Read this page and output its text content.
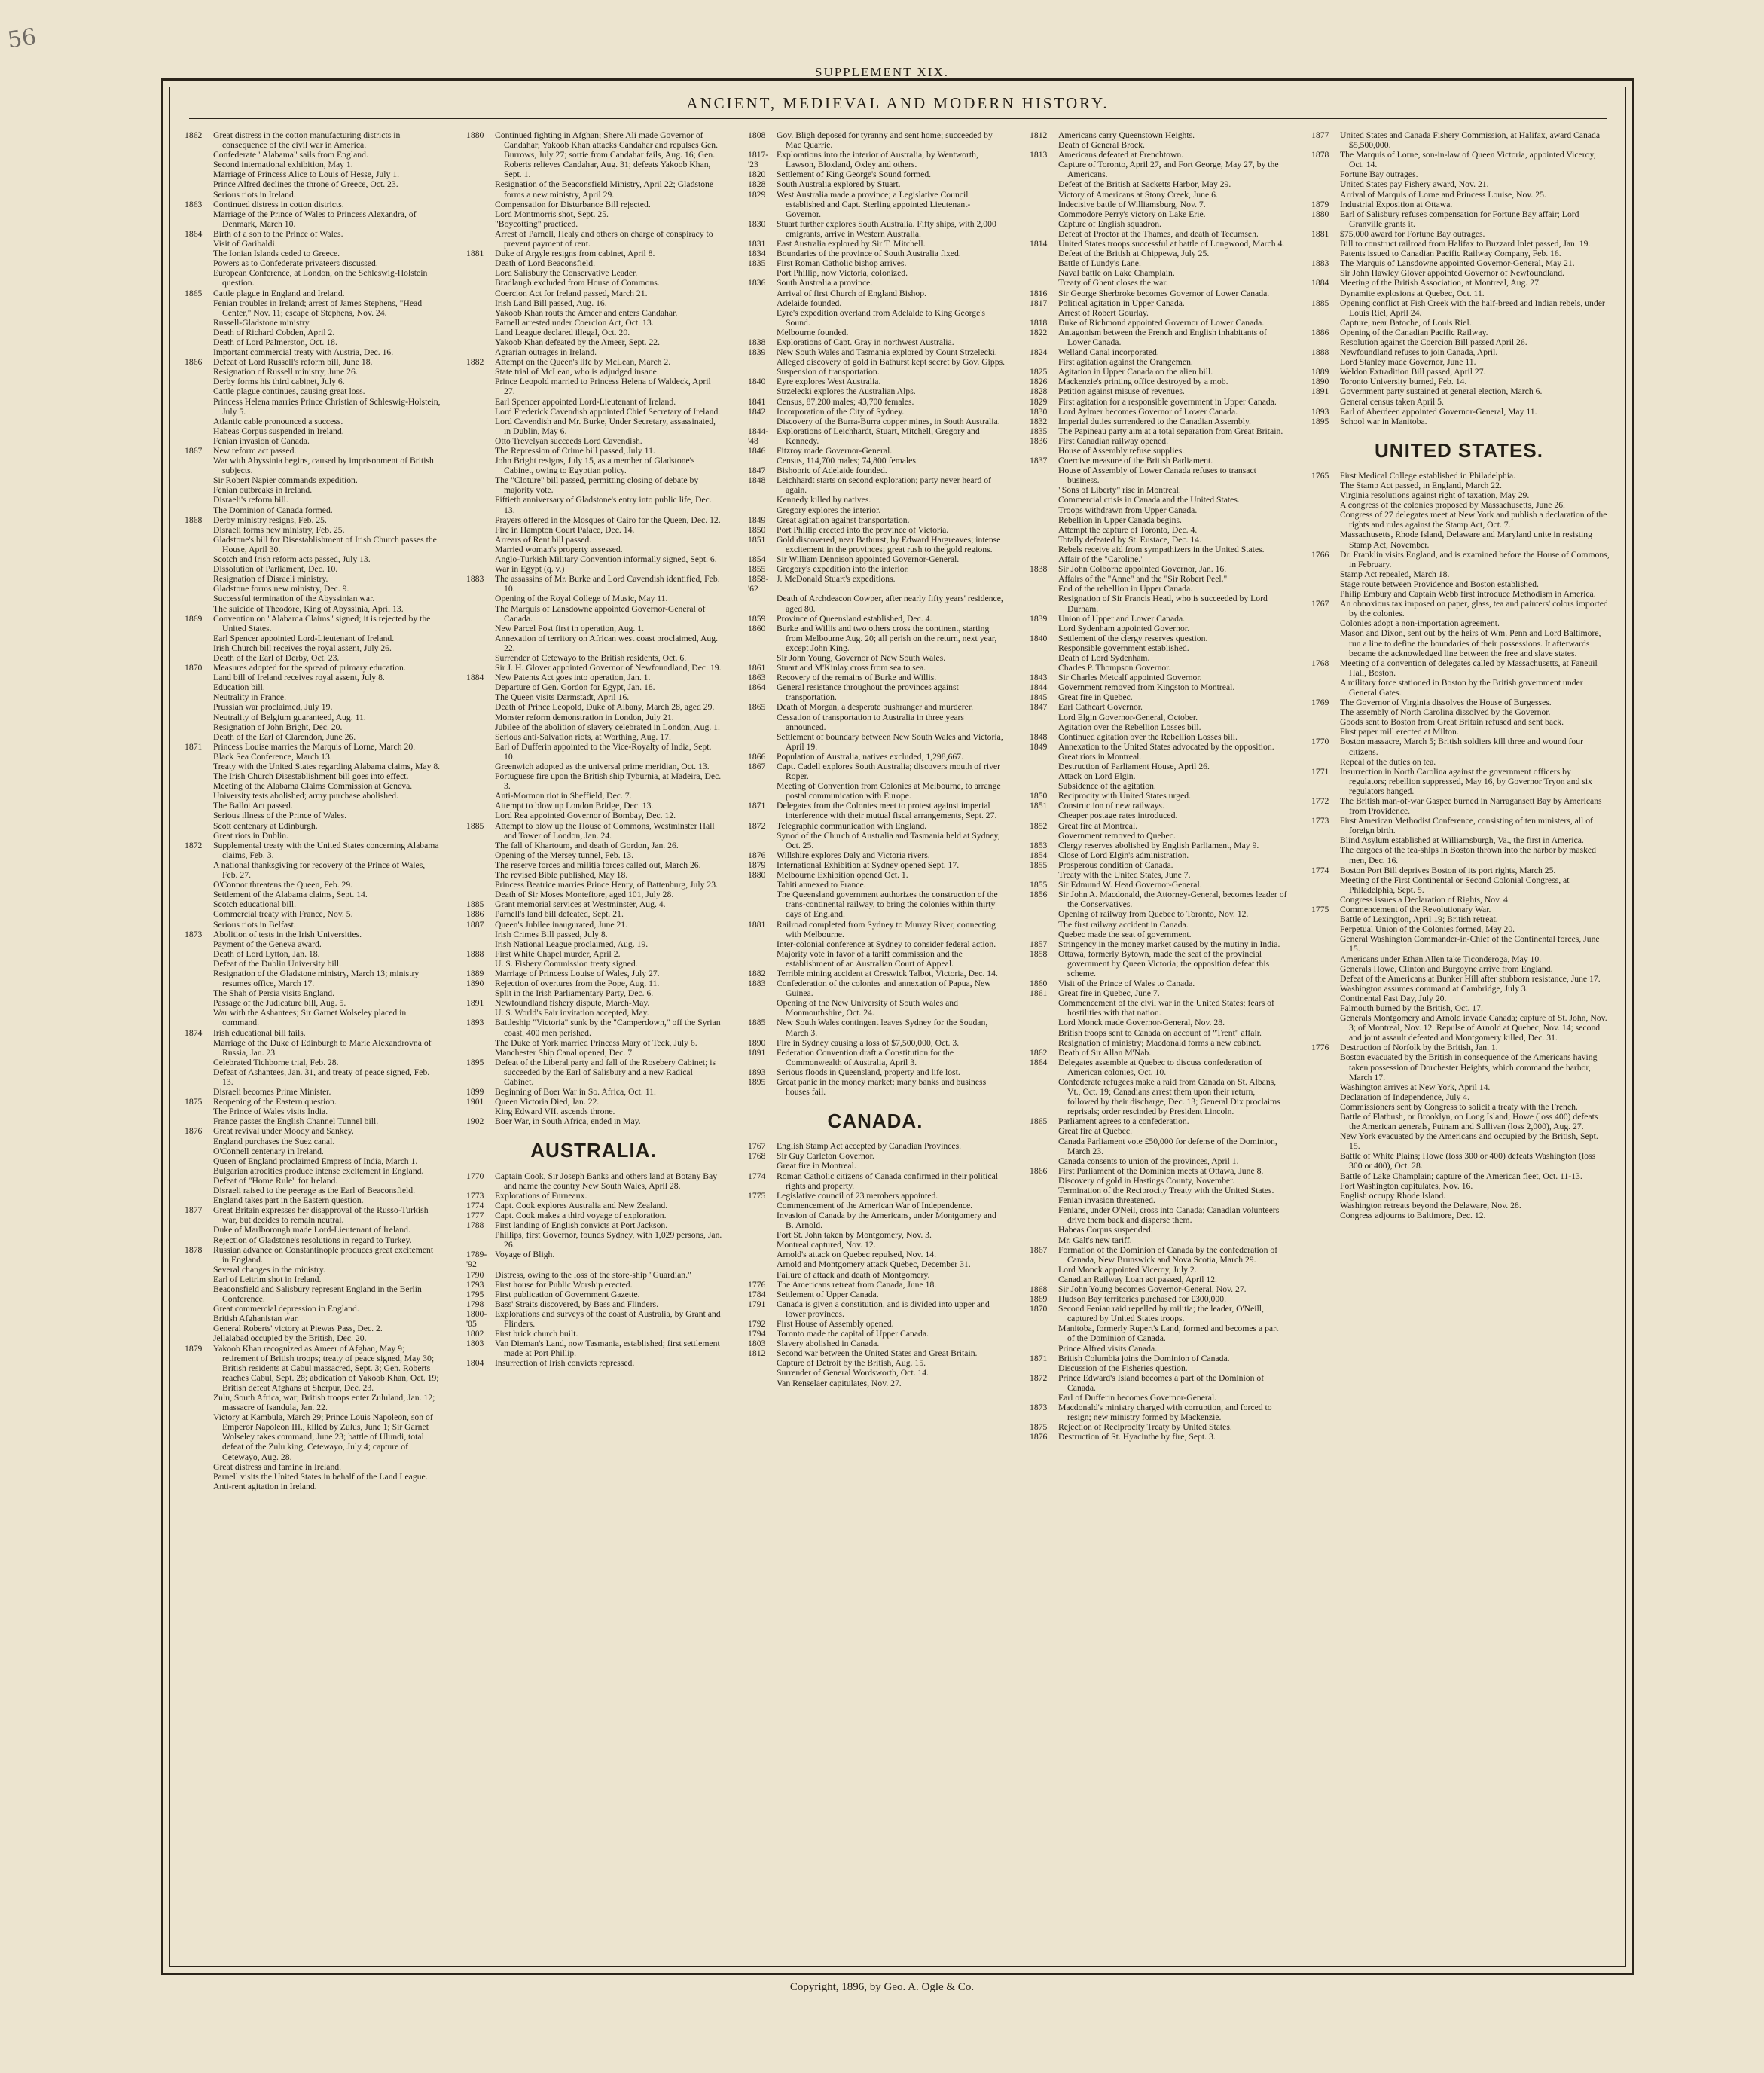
56
SUPPLEMENT XIX.
ANCIENT, MEDIEVAL AND MODERN HISTORY.
1862	Great distress in the cotton manufacturing districts in consequence of the civil war in America.
Confederate "Alabama" sails from England.
Second international exhibition, May 1.
Marriage of Princess Alice to Louis of Hesse, July 1.
Prince Alfred declines the throne of Greece, Oct. 23.
Serious riots in Ireland.
1863	Continued distress in cotton districts.
Marriage of the Prince of Wales to Princess Alexandra, of Denmark, March 10.
1864	Birth of a son to the Prince of Wales.
Visit of Garibaldi.
The Ionian Islands ceded to Greece.
Powers as to Confederate privateers discussed.
European Conference, at London, on the Schleswig-Holstein question.
1865	Cattle plague in England and Ireland.
Fenian troubles in Ireland; arrest of James Stephens, "Head Center," Nov. 11; escape of Stephens, Nov. 24.
Russell-Gladstone ministry.
Death of Richard Cobden, April 2.
Death of Lord Palmerston, Oct. 18.
Important commercial treaty with Austria, Dec. 16.
1866	Defeat of Lord Russell's reform bill, June 18.
Resignation of Russell ministry, June 26.
Derby forms his third cabinet, July 6.
Cattle plague continues, causing great loss.
Princess Helena marries Prince Christian of Schleswig-Holstein, July 5.
Atlantic cable pronounced a success.
Habeas Corpus suspended in Ireland.
Fenian invasion of Canada.
1867	New reform act passed.
War with Abyssinia begins, caused by imprisonment of British subjects.
Sir Robert Napier commands expedition.
Fenian outbreaks in Ireland.
Disraeli's reform bill.
The Dominion of Canada formed.
1868	Derby ministry resigns, Feb. 25.
Disraeli forms new ministry, Feb. 25.
Gladstone's bill for Disestablishment of Irish Church passes the House, April 30.
Scotch and Irish reform acts passed, July 13.
Dissolution of Parliament, Dec. 10.
Resignation of Disraeli ministry.
Gladstone forms new ministry, Dec. 9.
Successful termination of the Abyssinian war.
The suicide of Theodore, King of Abyssinia, April 13.
1869	Convention on "Alabama Claims" signed; it is rejected by the United States.
Earl Spencer appointed Lord-Lieutenant of Ireland.
Irish Church bill receives the royal assent, July 26.
Death of the Earl of Derby, Oct. 23.
1870	Measures adopted for the spread of primary education.
Land bill of Ireland receives royal assent, July 8.
Education bill.
Neutrality in France.
Prussian war proclaimed, July 19.
Neutrality of Belgium guaranteed, Aug. 11.
Resignation of John Bright, Dec. 20.
Death of the Earl of Clarendon, June 26.
1871	Princess Louise marries the Marquis of Lorne, March 20.
Black Sea Conference, March 13.
Treaty with the United States regarding Alabama claims, May 8.
The Irish Church Disestablishment bill goes into effect.
Meeting of the Alabama Claims Commission at Geneva.
University tests abolished; army purchase abolished.
The Ballot Act passed.
Serious illness of the Prince of Wales.
Scott centenary at Edinburgh.
Great riots in Dublin.
1872	Supplemental treaty with the United States concerning Alabama claims, Feb. 3.
A national thanksgiving for recovery of the Prince of Wales, Feb. 27.
O'Connor threatens the Queen, Feb. 29.
Settlement of the Alabama claims, Sept. 14.
Scotch educational bill.
Commercial treaty with France, Nov. 5.
Serious riots in Belfast.
1873	Abolition of tests in the Irish Universities.
Payment of the Geneva award.
Death of Lord Lytton, Jan. 18.
Defeat of the Dublin University bill.
Resignation of the Gladstone ministry, March 13; ministry resumes office, March 17.
The Shah of Persia visits England.
Passage of the Judicature bill, Aug. 5.
War with the Ashantees; Sir Garnet Wolseley placed in command.
1874	Irish educational bill fails.
Marriage of the Duke of Edinburgh to Marie Alexandrovna of Russia, Jan. 23.
Celebrated Tichborne trial, Feb. 28.
Defeat of Ashantees, Jan. 31, and treaty of peace signed, Feb. 13.
Disraeli becomes Prime Minister.
1875	Reopening of the Eastern question.
The Prince of Wales visits India.
France passes the English Channel Tunnel bill.
1876	Great revival under Moody and Sankey.
England purchases the Suez canal.
O'Connell centenary in Ireland.
Queen of England proclaimed Empress of India, March 1.
Bulgarian atrocities produce intense excitement in England.
Defeat of "Home Rule" for Ireland.
Disraeli raised to the peerage as the Earl of Beaconsfield.
England takes part in the Eastern question.
1877	Great Britain expresses her disapproval of the Russo-Turkish war, but decides to remain neutral.
Duke of Marlborough made Lord-Lieutenant of Ireland.
Rejection of Gladstone's resolutions in regard to Turkey.
1878	Russian advance on Constantinople produces great excitement in England.
Several changes in the ministry.
Earl of Leitrim shot in Ireland.
Beaconsfield and Salisbury represent England in the Berlin Conference.
Great commercial depression in England.
British Afghanistan war.
General Roberts' victory at Piewas Pass, Dec. 2.
Jellalabad occupied by the British, Dec. 20.
1879	Yakoob Khan recognized as Ameer of Afghan, May 9; retirement of British troops; treaty of peace signed, May 30; British residents at Cabul massacred, Sept. 3; Gen. Roberts reaches Cabul, Sept. 28; abdication of Yakoob Khan, Oct. 19; British defeat Afghans at Sherpur, Dec. 23.
Zulu, South Africa, war; British troops enter Zululand, Jan. 12; massacre of Isandula, Jan. 22.
Victory at Kambula, March 29; Prince Louis Napoleon, son of Emperor Napoleon III., killed by Zulus, June 1; Sir Garnet Wolseley takes command, June 23; battle of Ulundi, total defeat of the Zulu king, Cetewayo, July 4; capture of Cetewayo, Aug. 28.
Great distress and famine in Ireland.
Parnell visits the United States in behalf of the Land League.
Anti-rent agitation in Ireland.
1880	Continued fighting in Afghan; Shere Ali made Governor of Candahar; Yakoob Khan attacks Candahar and repulses Gen. Burrows, July 27; sortie from Candahar fails, Aug. 16; Gen. Roberts relieves Candahar, Aug. 31; defeats Yakoob Khan, Sept. 1.
Resignation of the Beaconsfield Ministry, April 22; Gladstone forms a new ministry, April 29.
Compensation for Disturbance Bill rejected.
Lord Montmorris shot, Sept. 25.
"Boycotting" practiced.
Arrest of Parnell, Healy and others on charge of conspiracy to prevent payment of rent.
1881	Duke of Argyle resigns from cabinet, April 8.
Death of Lord Beaconsfield.
Lord Salisbury the Conservative Leader.
Bradlaugh excluded from House of Commons.
Coercion Act for Ireland passed, March 21.
Irish Land Bill passed, Aug. 16.
Yakoob Khan routs the Ameer and enters Candahar.
Parnell arrested under Coercion Act, Oct. 13.
Land League declared illegal, Oct. 20.
Yakoob Khan defeated by the Ameer, Sept. 22.
Agrarian outrages in Ireland.
1882	Attempt on the Queen's life by McLean, March 2.
State trial of McLean, who is adjudged insane.
Prince Leopold married to Princess Helena of Waldeck, April 27.
Earl Spencer appointed Lord-Lieutenant of Ireland.
Lord Frederick Cavendish appointed Chief Secretary of Ireland.
Lord Cavendish and Mr. Burke, Under Secretary, assassinated, in Dublin, May 6.
Otto Trevelyan succeeds Lord Cavendish.
The Repression of Crime bill passed, July 11.
John Bright resigns, July 15, as a member of Gladstone's Cabinet, owing to Egyptian policy.
The "Cloture" bill passed, permitting closing of debate by majority vote.
Fiftieth anniversary of Gladstone's entry into public life, Dec. 13.
Prayers offered in the Mosques of Cairo for the Queen, Dec. 12.
Fire in Hampton Court Palace, Dec. 14.
Arrears of Rent bill passed.
Married woman's property assessed.
Anglo-Turkish Military Convention informally signed, Sept. 6.
War in Egypt (q. v.)
1883	The assassins of Mr. Burke and Lord Cavendish identified, Feb. 10.
Opening of the Royal College of Music, May 11.
The Marquis of Lansdowne appointed Governor-General of Canada.
New Parcel Post first in operation, Aug. 1.
Annexation of territory on African west coast proclaimed, Aug. 22.
Surrender of Cetewayo to the British residents, Oct. 6.
Sir J. H. Glover appointed Governor of Newfoundland, Dec. 19.
1884	New Patents Act goes into operation, Jan. 1.
Departure of Gen. Gordon for Egypt, Jan. 18.
The Queen visits Darmstadt, April 16.
Death of Prince Leopold, Duke of Albany, March 28, aged 29.
Monster reform demonstration in London, July 21.
Jubilee of the abolition of slavery celebrated in London, Aug. 1.
Serious anti-Salvation riots, at Worthing, Aug. 17.
Earl of Dufferin appointed to the Vice-Royalty of India, Sept. 10.
Greenwich adopted as the universal prime meridian, Oct. 13.
Portuguese fire upon the British ship Tyburnia, at Madeira, Dec. 3.
Anti-Mormon riot in Sheffield, Dec. 7.
Attempt to blow up London Bridge, Dec. 13.
Lord Rea appointed Governor of Bombay, Dec. 12.
1885	Attempt to blow up the House of Commons, Westminster Hall and Tower of London, Jan. 24.
The fall of Khartoum, and death of Gordon, Jan. 26.
Opening of the Mersey tunnel, Feb. 13.
The reserve forces and militia forces called out, March 26.
The revised Bible published, May 18.
Princess Beatrice marries Prince Henry, of Battenburg, July 23.
Death of Sir Moses Montefiore, aged 101, July 28.
1885	Grant memorial services at Westminster, Aug. 4.
1886	Parnell's land bill defeated, Sept. 21.
1887	Queen's Jubilee inaugurated, June 21.
Irish Crimes Bill passed, July 8.
Irish National League proclaimed, Aug. 19.
1888	First White Chapel murder, April 2.
U. S. Fishery Commission treaty signed.
1889	Marriage of Princess Louise of Wales, July 27.
1890	Rejection of overtures from the Pope, Aug. 11.
Split in the Irish Parliamentary Party, Dec. 6.
1891	Newfoundland fishery dispute, March-May.
U. S. World's Fair invitation accepted, May.
1893	Battleship "Victoria" sunk by the "Camperdown," off the Syrian coast, 400 men perished.
The Duke of York married Princess Mary of Teck, July 6.
Manchester Ship Canal opened, Dec. 7.
1895	Defeat of the Liberal party and fall of the Rosebery Cabinet; is succeeded by the Earl of Salisbury and a new Radical Cabinet.
1899	Beginning of Boer War in So. Africa, Oct. 11.
1901	Queen Victoria Died, Jan. 22.
King Edward VII. ascends throne.
1902	Boer War, in South Africa, ended in May.
AUSTRALIA.
1770	Captain Cook, Sir Joseph Banks and others land at Botany Bay and name the country New South Wales, April 28.
1773	Explorations of Furneaux.
1774	Capt. Cook explores Australia and New Zealand.
1777	Capt. Cook makes a third voyage of exploration.
1788	First landing of English convicts at Port Jackson.
Phillips, first Governor, founds Sydney, with 1,029 persons, Jan. 26.
1789-'92
Voyage of Bligh.
1790	Distress, owing to the loss of the store-ship "Guardian."
1793	First house for Public Worship erected.
1795	First publication of Government Gazette.
1798	Bass' Straits discovered, by Bass and Flinders.
1800-'05
Explorations and surveys of the coast of Australia, by Grant and Flinders.
1802	First brick church built.
1803	Van Dieman's Land, now Tasmania, established; first settlement made at Port Phillip.
1804	Insurrection of Irish convicts repressed.
1808	Gov. Bligh deposed for tyranny and sent home; succeeded by Mac Quarrie.
1817-'23
Explorations into the interior of Australia, by Wentworth, Lawson, Bloxland, Oxley and others.
1820	Settlement of King George's Sound formed.
1828	South Australia explored by Stuart.
1829	West Australia made a province; a Legislative Council established and Capt. Sterling appointed Lieutenant-Governor.
1830	Stuart further explores South Australia. Fifty ships, with 2,000 emigrants, arrive in Western Australia.
1831	East Australia explored by Sir T. Mitchell.
1834	Boundaries of the province of South Australia fixed.
1835	First Roman Catholic bishop arrives.
Port Phillip, now Victoria, colonized.
1836	South Australia a province.
Arrival of first Church of England Bishop.
Adelaide founded.
Eyre's expedition overland from Adelaide to King George's Sound.
Melbourne founded.
1838	Explorations of Capt. Gray in northwest Australia.
1839	New South Wales and Tasmania explored by Count Strzelecki.
Alleged discovery of gold in Bathurst kept secret by Gov. Gipps.
Suspension of transportation.
1840	Eyre explores West Australia.
Strzelecki explores the Australian Alps.
1841	Census, 87,200 males; 43,700 females.
1842	Incorporation of the City of Sydney.
Discovery of the Burra-Burra copper mines, in South Australia.
1844-'48
Explorations of Leichhardt, Stuart, Mitchell, Gregory and Kennedy.
1846	Fitzroy made Governor-General.
Census, 114,700 males; 74,800 females.
1847	Bishopric of Adelaide founded.
1848	Leichhardt starts on second exploration; party never heard of again.
Kennedy killed by natives.
Gregory explores the interior.
1849	Great agitation against transportation.
1850	Port Phillip erected into the province of Victoria.
1851	Gold discovered, near Bathurst, by Edward Hargreaves; intense excitement in the provinces; great rush to the gold regions.
1854	Sir William Dennison appointed Governor-General.
1855	Gregory's expedition into the interior.
1858-'62
J. McDonald Stuart's expeditions.
Death of Archdeacon Cowper, after nearly fifty years' residence, aged 80.
1859	Province of Queensland established, Dec. 4.
1860	Burke and Willis and two others cross the continent, starting from Melbourne Aug. 20; all perish on the return, next year, except John King.
Sir John Young, Governor of New South Wales.
1861	Stuart and M'Kinlay cross from sea to sea.
1863	Recovery of the remains of Burke and Willis.
1864	General resistance throughout the provinces against transportation.
1865	Death of Morgan, a desperate bushranger and murderer.
Cessation of transportation to Australia in three years announced.
Settlement of boundary between New South Wales and Victoria, April 19.
1866	Population of Australia, natives excluded, 1,298,667.
1867	Capt. Cadell explores South Australia; discovers mouth of river Roper.
Meeting of Convention from Colonies at Melbourne, to arrange postal communication with Europe.
1871	Delegates from the Colonies meet to protest against imperial interference with their mutual fiscal arrangements, Sept. 27.
1872	Telegraphic communication with England.
Synod of the Church of Australia and Tasmania held at Sydney, Oct. 25.
1876	Willshire explores Daly and Victoria rivers.
1879	International Exhibition at Sydney opened Sept. 17.
1880	Melbourne Exhibition opened Oct. 1.
Tahiti annexed to France.
The Queensland government authorizes the construction of the trans-continental railway, to bring the colonies within thirty days of England.
1881	Railroad completed from Sydney to Murray River, connecting with Melbourne.
Inter-colonial conference at Sydney to consider federal action.
Majority vote in favor of a tariff commission and the establishment of an Australian Court of Appeal.
1882	Terrible mining accident at Creswick Talbot, Victoria, Dec. 14.
1883	Confederation of the colonies and annexation of Papua, New Guinea.
Opening of the New University of South Wales and Monmouthshire, Oct. 24.
1885	New South Wales contingent leaves Sydney for the Soudan, March 3.
1890	Fire in Sydney causing a loss of $7,500,000, Oct. 3.
1891	Federation Convention draft a Constitution for the Commonwealth of Australia, April 3.
1893	Serious floods in Queensland, property and life lost.
1895	Great panic in the money market; many banks and business houses fail.
CANADA.
1767	English Stamp Act accepted by Canadian Provinces.
1768	Sir Guy Carleton Governor.
Great fire in Montreal.
1774	Roman Catholic citizens of Canada confirmed in their political rights and property.
1775	Legislative council of 23 members appointed.
Commencement of the American War of Independence.
Invasion of Canada by the Americans, under Montgomery and B. Arnold.
Fort St. John taken by Montgomery, Nov. 3.
Montreal captured, Nov. 12.
Arnold's attack on Quebec repulsed, Nov. 14.
Arnold and Montgomery attack Quebec, December 31.
Failure of attack and death of Montgomery.
1776	The Americans retreat from Canada, June 18.
1784	Settlement of Upper Canada.
1791	Canada is given a constitution, and is divided into upper and lower provinces.
1792	First House of Assembly opened.
1794	Toronto made the capital of Upper Canada.
1803	Slavery abolished in Canada.
1812	Second war between the United States and Great Britain.
Capture of Detroit by the British, Aug. 15.
Surrender of General Wordsworth, Oct. 14.
Van Renselaer capitulates, Nov. 27.
1812	Americans carry Queenstown Heights.
Death of General Brock.
1813	Americans defeated at Frenchtown.
Capture of Toronto, April 27, and Fort George, May 27, by the Americans.
Defeat of the British at Sacketts Harbor, May 29.
Victory of Americans at Stony Creek, June 6.
Indecisive battle of Williamsburg, Nov. 7.
Commodore Perry's victory on Lake Erie.
Capture of English squadron.
Defeat of Proctor at the Thames, and death of Tecumseh.
1814	United States troops successful at battle of Longwood, March 4.
Defeat of the British at Chippewa, July 25.
Battle of Lundy's Lane.
Naval battle on Lake Champlain.
Treaty of Ghent closes the war.
1816	Sir George Sherbroke becomes Governor of Lower Canada.
1817	Political agitation in Upper Canada.
Arrest of Robert Gourlay.
1818	Duke of Richmond appointed Governor of Lower Canada.
1822	Antagonism between the French and English inhabitants of Lower Canada.
1824	Welland Canal incorporated.
First agitation against the Orangemen.
1825	Agitation in Upper Canada on the alien bill.
1826	Mackenzie's printing office destroyed by a mob.
1828	Petition against misuse of revenues.
1829	First agitation for a responsible government in Upper Canada.
1830	Lord Aylmer becomes Governor of Lower Canada.
1832	Imperial duties surrendered to the Canadian Assembly.
1835	The Papineau party aim at a total separation from Great Britain.
1836	First Canadian railway opened.
House of Assembly refuse supplies.
1837	Coercive measure of the British Parliament.
House of Assembly of Lower Canada refuses to transact business.
"Sons of Liberty" rise in Montreal.
Commercial crisis in Canada and the United States.
Troops withdrawn from Upper Canada.
Rebellion in Upper Canada begins.
Attempt the capture of Toronto, Dec. 4.
Totally defeated by St. Eustace, Dec. 14.
Rebels receive aid from sympathizers in the United States.
Affair of the "Caroline."
1838	Sir John Colborne appointed Governor, Jan. 16.
Affairs of the "Anne" and the "Sir Robert Peel."
End of the rebellion in Upper Canada.
Resignation of Sir Francis Head, who is succeeded by Lord Durham.
1839	Union of Upper and Lower Canada.
Lord Sydenham appointed Governor.
1840	Settlement of the clergy reserves question.
Responsible government established.
Death of Lord Sydenham.
Charles P. Thompson Governor.
1843	Sir Charles Metcalf appointed Governor.
1844	Government removed from Kingston to Montreal.
1845	Great fire in Quebec.
1847	Earl Cathcart Governor.
Lord Elgin Governor-General, October.
Agitation over the Rebellion Losses bill.
1848	Continued agitation over the Rebellion Losses bill.
1849	Annexation to the United States advocated by the opposition.
Great riots in Montreal.
Destruction of Parliament House, April 26.
Attack on Lord Elgin.
Subsidence of the agitation.
1850	Reciprocity with United States urged.
1851	Construction of new railways.
Cheaper postage rates introduced.
1852	Great fire at Montreal.
Government removed to Quebec.
1853	Clergy reserves abolished by English Parliament, May 9.
1854	Close of Lord Elgin's administration.
1855	Prosperous condition of Canada.
Treaty with the United States, June 7.
1855	Sir Edmund W. Head Governor-General.
1856	Sir John A. Macdonald, the Attorney-General, becomes leader of the Conservatives.
Opening of railway from Quebec to Toronto, Nov. 12.
The first railway accident in Canada.
Quebec made the seat of government.
1857	Stringency in the money market caused by the mutiny in India.
1858	Ottawa, formerly Bytown, made the seat of the provincial government by Queen Victoria; the opposition defeat this scheme.
1860	Visit of the Prince of Wales to Canada.
1861	Great fire in Quebec, June 7.
Commencement of the civil war in the United States; fears of hostilities with that nation.
Lord Monck made Governor-General, Nov. 28.
British troops sent to Canada on account of "Trent" affair.
Resignation of ministry; Macdonald forms a new cabinet.
1862	Death of Sir Allan M'Nab.
1864	Delegates assemble at Quebec to discuss confederation of American colonies, Oct. 10.
Confederate refugees make a raid from Canada on St. Albans, Vt., Oct. 19; Canadians arrest them upon their return, followed by their discharge, Dec. 13; General Dix proclaims reprisals; order rescinded by President Lincoln.
1865	Parliament agrees to a confederation.
Great fire at Quebec.
Canada Parliament vote £50,000 for defense of the Dominion, March 23.
Canada consents to union of the provinces, April 1.
1866	First Parliament of the Dominion meets at Ottawa, June 8.
Discovery of gold in Hastings County, November.
Termination of the Reciprocity Treaty with the United States.
Fenian invasion threatened.
Fenians, under O'Neil, cross into Canada; Canadian volunteers drive them back and disperse them.
Habeas Corpus suspended.
Mr. Galt's new tariff.
1867	Formation of the Dominion of Canada by the confederation of Canada, New Brunswick and Nova Scotia, March 29.
Lord Monck appointed Viceroy, July 2.
Canadian Railway Loan act passed, April 12.
1868	Sir John Young becomes Governor-General, Nov. 27.
1869	Hudson Bay territories purchased for £300,000.
1870	Second Fenian raid repelled by militia; the leader, O'Neill, captured by United States troops.
Manitoba, formerly Rupert's Land, formed and becomes a part of the Dominion of Canada.
Prince Alfred visits Canada.
1871	British Columbia joins the Dominion of Canada.
Discussion of the Fisheries question.
1872	Prince Edward's Island becomes a part of the Dominion of Canada.
Earl of Dufferin becomes Governor-General.
1873	Macdonald's ministry charged with corruption, and forced to resign; new ministry formed by Mackenzie.
1875	Rejection of Reciprocity Treaty by United States.
1876	Destruction of St. Hyacinthe by fire, Sept. 3.
1877	United States and Canada Fishery Commission, at Halifax, award Canada $5,500,000.
1878	The Marquis of Lorne, son-in-law of Queen Victoria, appointed Viceroy, Oct. 14.
Fortune Bay outrages.
United States pay Fishery award, Nov. 21.
Arrival of Marquis of Lorne and Princess Louise, Nov. 25.
1879	Industrial Exposition at Ottawa.
1880	Earl of Salisbury refuses compensation for Fortune Bay affair; Lord Granville grants it.
1881	$75,000 award for Fortune Bay outrages.
Bill to construct railroad from Halifax to Buzzard Inlet passed, Jan. 19.
Patents issued to Canadian Pacific Railway Company, Feb. 16.
1883	The Marquis of Lansdowne appointed Governor-General, May 21.
Sir John Hawley Glover appointed Governor of Newfoundland.
1884	Meeting of the British Association, at Montreal, Aug. 27.
Dynamite explosions at Quebec, Oct. 11.
1885	Opening conflict at Fish Creek with the half-breed and Indian rebels, under Louis Riel, April 24.
Capture, near Batoche, of Louis Riel.
1886	Opening of the Canadian Pacific Railway.
Resolution against the Coercion Bill passed April 26.
1888	Newfoundland refuses to join Canada, April.
Lord Stanley made Governor, June 11.
1889	Weldon Extradition Bill passed, April 27.
1890	Toronto University burned, Feb. 14.
1891	Government party sustained at general election, March 6.
General census taken April 5.
1893	Earl of Aberdeen appointed Governor-General, May 11.
1895	School war in Manitoba.
UNITED STATES.
1765	First Medical College established in Philadelphia.
The Stamp Act passed, in England, March 22.
Virginia resolutions against right of taxation, May 29.
A congress of the colonies proposed by Massachusetts, June 26.
Congress of 27 delegates meet at New York and publish a declaration of the rights and rules against the Stamp Act, Oct. 7.
Massachusetts, Rhode Island, Delaware and Maryland unite in resisting Stamp Act, November.
1766	Dr. Franklin visits England, and is examined before the House of Commons, in February.
Stamp Act repealed, March 18.
Stage route between Providence and Boston established.
Philip Embury and Captain Webb first introduce Methodism in America.
1767	An obnoxious tax imposed on paper, glass, tea and painters' colors imported by the colonies.
Colonies adopt a non-importation agreement.
Mason and Dixon, sent out by the heirs of Wm. Penn and Lord Baltimore, run a line to define the boundaries of their possessions. It afterwards became the acknowledged line between the free and slave states.
1768	Meeting of a convention of delegates called by Massachusetts, at Faneuil Hall, Boston.
A military force stationed in Boston by the British government under General Gates.
1769	The Governor of Virginia dissolves the House of Burgesses.
The assembly of North Carolina dissolved by the Governor.
Goods sent to Boston from Great Britain refused and sent back.
First paper mill erected at Milton.
1770	Boston massacre, March 5; British soldiers kill three and wound four citizens.
Repeal of the duties on tea.
1771	Insurrection in North Carolina against the government officers by regulators; rebellion suppressed, May 16, by Governor Tryon and six regulators hanged.
1772	The British man-of-war Gaspee burned in Narragansett Bay by Americans from Providence.
1773	First American Methodist Conference, consisting of ten ministers, all of foreign birth.
Blind Asylum established at Williamsburgh, Va., the first in America.
The cargoes of the tea-ships in Boston thrown into the harbor by masked men, Dec. 16.
1774	Boston Port Bill deprives Boston of its port rights, March 25.
Meeting of the First Continental or Second Colonial Congress, at Philadelphia, Sept. 5.
Congress issues a Declaration of Rights, Nov. 4.
1775	Commencement of the Revolutionary War.
Battle of Lexington, April 19; British retreat.
Perpetual Union of the Colonies formed, May 20.
General Washington Commander-in-Chief of the Continental forces, June 15.
Americans under Ethan Allen take Ticonderoga, May 10.
Generals Howe, Clinton and Burgoyne arrive from England.
Defeat of the Americans at Bunker Hill after stubborn resistance, June 17.
Washington assumes command at Cambridge, July 3.
Continental Fast Day, July 20.
Falmouth burned by the British, Oct. 17.
Generals Montgomery and Arnold invade Canada; capture of St. John, Nov. 3; of Montreal, Nov. 12. Repulse of Arnold at Quebec, Nov. 14; second and joint assault defeated and Montgomery killed, Dec. 31.
1776	Destruction of Norfolk by the British, Jan. 1.
Boston evacuated by the British in consequence of the Americans having taken possession of Dorchester Heights, which command the harbor, March 17.
Washington arrives at New York, April 14.
Declaration of Independence, July 4.
Commissioners sent by Congress to solicit a treaty with the French.
Battle of Flatbush, or Brooklyn, on Long Island; Howe (loss 400) defeats the American generals, Putnam and Sullivan (loss 2,000), Aug. 27.
New York evacuated by the Americans and occupied by the British, Sept. 15.
Battle of White Plains; Howe (loss 300 or 400) defeats Washington (loss 300 or 400), Oct. 28.
Battle of Lake Champlain; capture of the American fleet, Oct. 11-13.
Fort Washington capitulates, Nov. 16.
English occupy Rhode Island.
Washington retreats beyond the Delaware, Nov. 28.
Congress adjourns to Baltimore, Dec. 12.
Copyright, 1896, by Geo. A. Ogle & Co.
